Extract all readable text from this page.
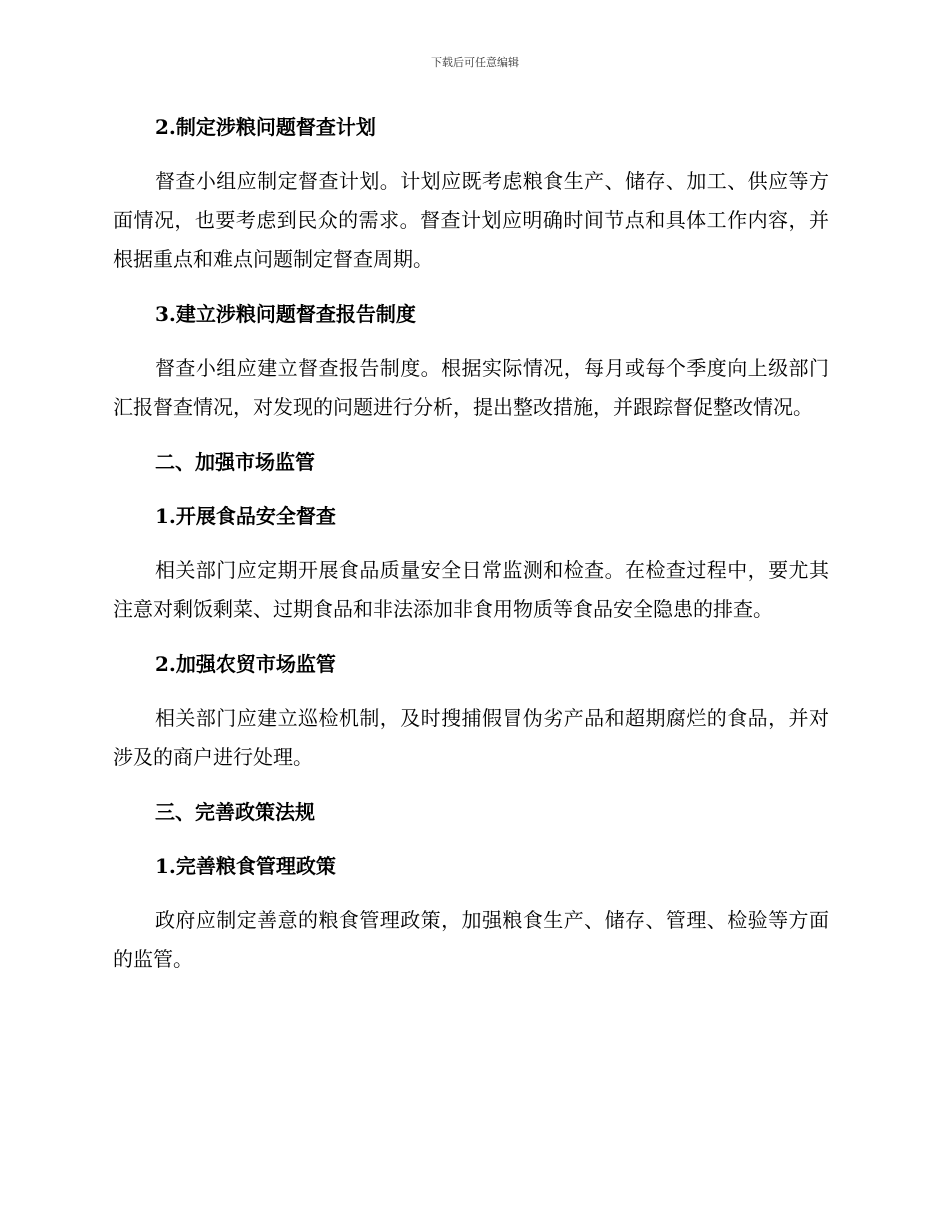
下载后可任意编辑
2.制定涉粮问题督查计划
督查小组应制定督查计划。计划应既考虑粮食生产、储存、加工、供应等方面情况，也要考虑到民众的需求。督查计划应明确时间节点和具体工作内容，并根据重点和难点问题制定督查周期。
3.建立涉粮问题督查报告制度
督查小组应建立督查报告制度。根据实际情况，每月或每个季度向上级部门汇报督查情况，对发现的问题进行分析，提出整改措施，并跟踪督促整改情况。
二、加强市场监管
1.开展食品安全督查
相关部门应定期开展食品质量安全日常监测和检查。在检查过程中，要尤其注意对剩饭剩菜、过期食品和非法添加非食用物质等食品安全隐患的排查。
2.加强农贸市场监管
相关部门应建立巡检机制，及时搜捕假冒伪劣产品和超期腐烂的食品，并对涉及的商户进行处理。
三、完善政策法规
1.完善粮食管理政策
政府应制定善意的粮食管理政策，加强粮食生产、储存、管理、检验等方面的监管。
